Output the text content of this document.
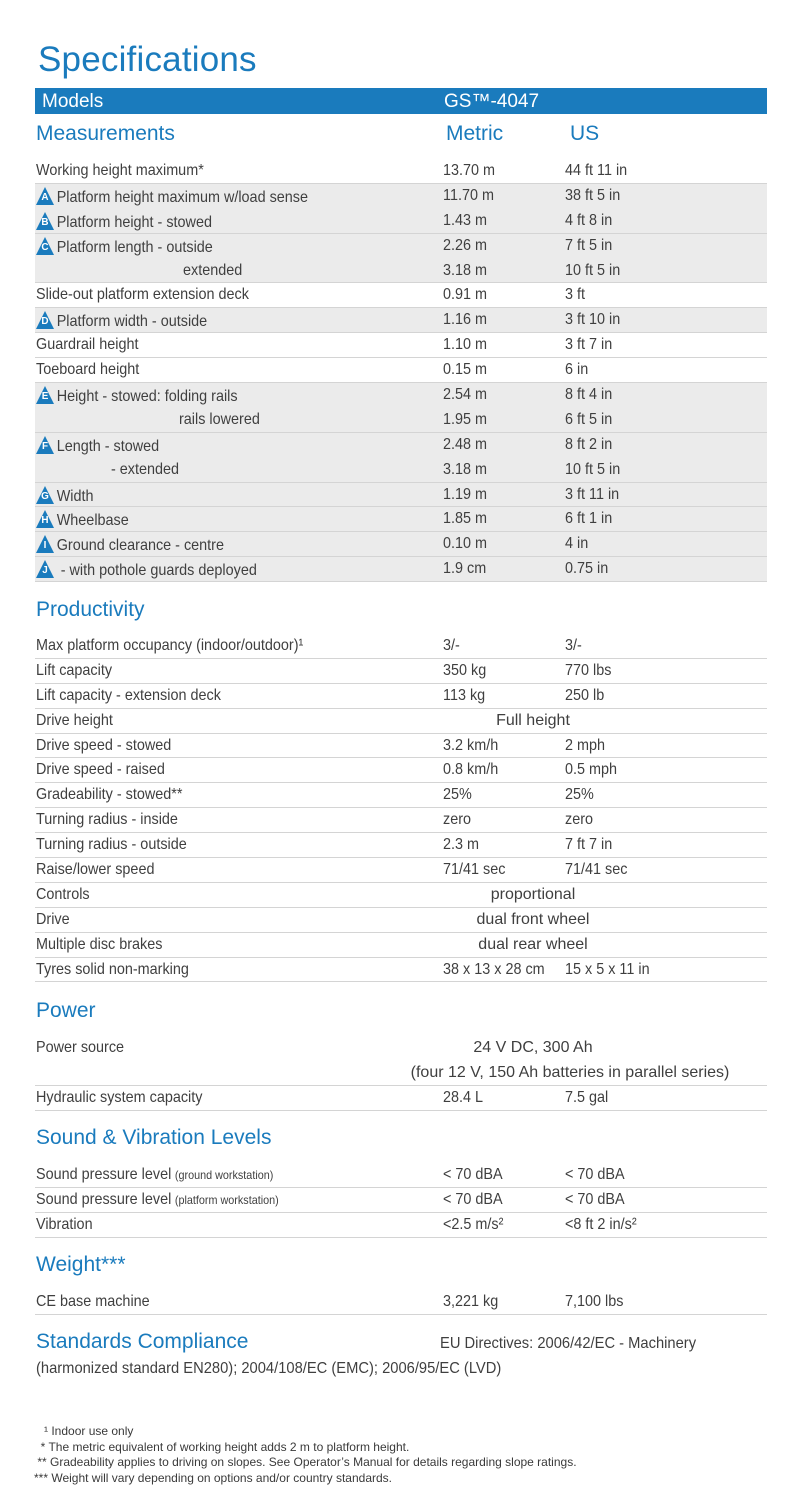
Specifications
Models	GS™-4047
Measurements	Metric	US
Working height maximum*	13.70 m	44 ft 11 in
A Platform height maximum w/load sense	11.70 m	38 ft 5 in
B Platform height - stowed	1.43 m	4 ft 8 in
C Platform length - outside	2.26 m	7 ft 5 in
extended	3.18 m	10 ft 5 in
Slide-out platform extension deck	0.91 m	3 ft
D Platform width - outside	1.16 m	3 ft 10 in
Guardrail height	1.10 m	3 ft 7 in
Toeboard height	0.15 m	6 in
E Height - stowed: folding rails	2.54 m	8 ft 4 in
rails lowered	1.95 m	6 ft 5 in
F Length - stowed	2.48 m	8 ft 2 in
- extended	3.18 m	10 ft 5 in
G Width	1.19 m	3 ft 11 in
H Wheelbase	1.85 m	6 ft 1 in
I Ground clearance - centre	0.10 m	4 in
J - with pothole guards deployed	1.9 cm	0.75 in
Productivity
Max platform occupancy (indoor/outdoor)¹	3/-	3/-
Lift capacity	350 kg	770 lbs
Lift capacity - extension deck	113 kg	250 lb
Drive height	Full height
Drive speed - stowed	3.2 km/h	2 mph
Drive speed - raised	0.8 km/h	0.5 mph
Gradeability - stowed**	25%	25%
Turning radius - inside	zero	zero
Turning radius - outside	2.3 m	7 ft 7 in
Raise/lower speed	71/41 sec	71/41 sec
Controls	proportional
Drive	dual front wheel
Multiple disc brakes	dual rear wheel
Tyres solid non-marking	38 x 13 x 28 cm 15 x 5 x 11 in
Power
Power source	24 V DC, 300 Ah
(four 12 V, 150 Ah batteries in parallel series)
Hydraulic system capacity	28.4 L	7.5 gal
Sound & Vibration Levels
Sound pressure level (ground workstation)	< 70 dBA	< 70 dBA
Sound pressure level (platform workstation)	< 70 dBA	< 70 dBA
Vibration	<2.5 m/s²	<8 ft 2 in/s²
Weight***
CE base machine	3,221 kg	7,100 lbs
Standards Compliance	EU Directives: 2006/42/EC - Machinery
(harmonized standard EN280); 2004/108/EC (EMC); 2006/95/EC (LVD)
¹ Indoor use only
* The metric equivalent of working height adds 2 m to platform height.
** Gradeability applies to driving on slopes. See Operator’s Manual for details regarding slope ratings.
*** Weight will vary depending on options and/or country standards.
